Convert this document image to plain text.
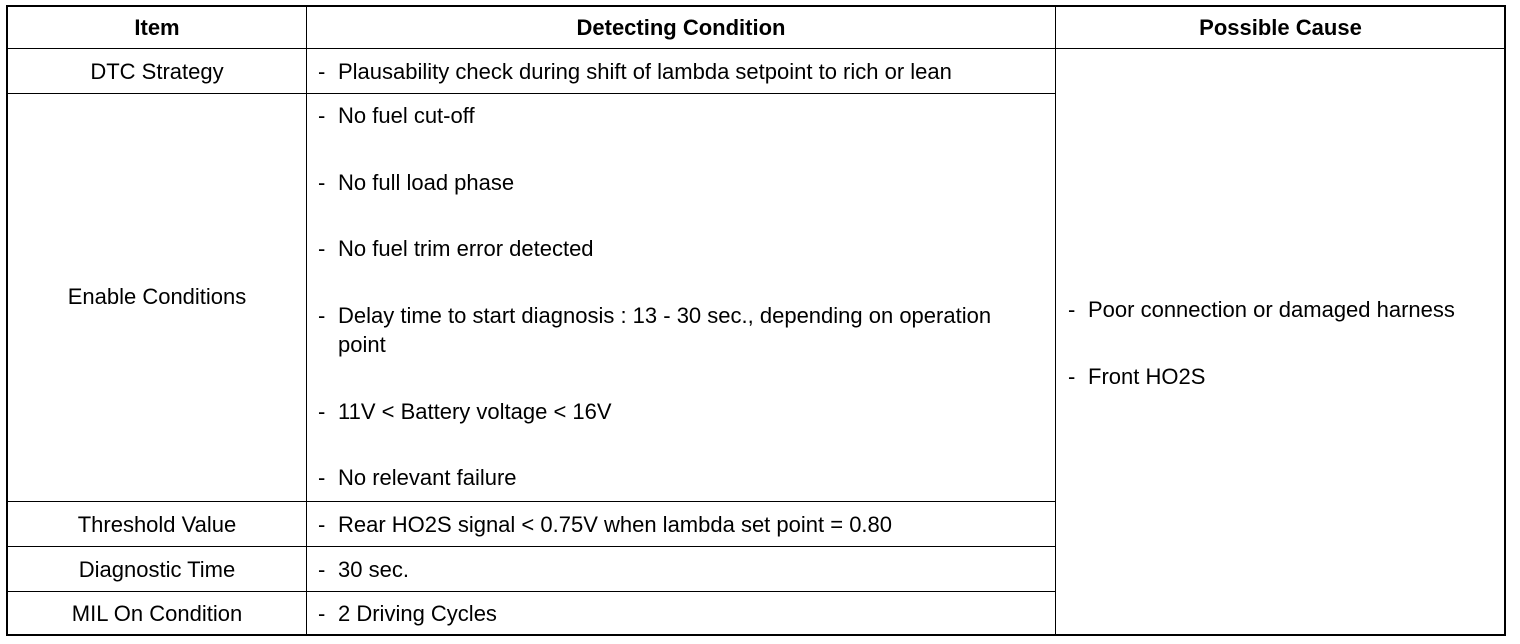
Item	Detecting Condition	Possible Cause
DTC Strategy
Enable Conditions
Threshold Value
Diagnostic Time
MIL On Condition
- Plausability check during shift of lambda setpoint to rich or lean
- No fuel cut-off
- No full load phase
- No fuel trim error detected
- Delay time to start diagnosis : 13 - 30 sec., depending on operation point
- 11V < Battery voltage < 16V
- No relevant failure
- Rear HO2S signal < 0.75V when lambda set point = 0.80
- 30 sec.
- 2 Driving Cycles
- Poor connection or damaged harness
- Front HO2S
